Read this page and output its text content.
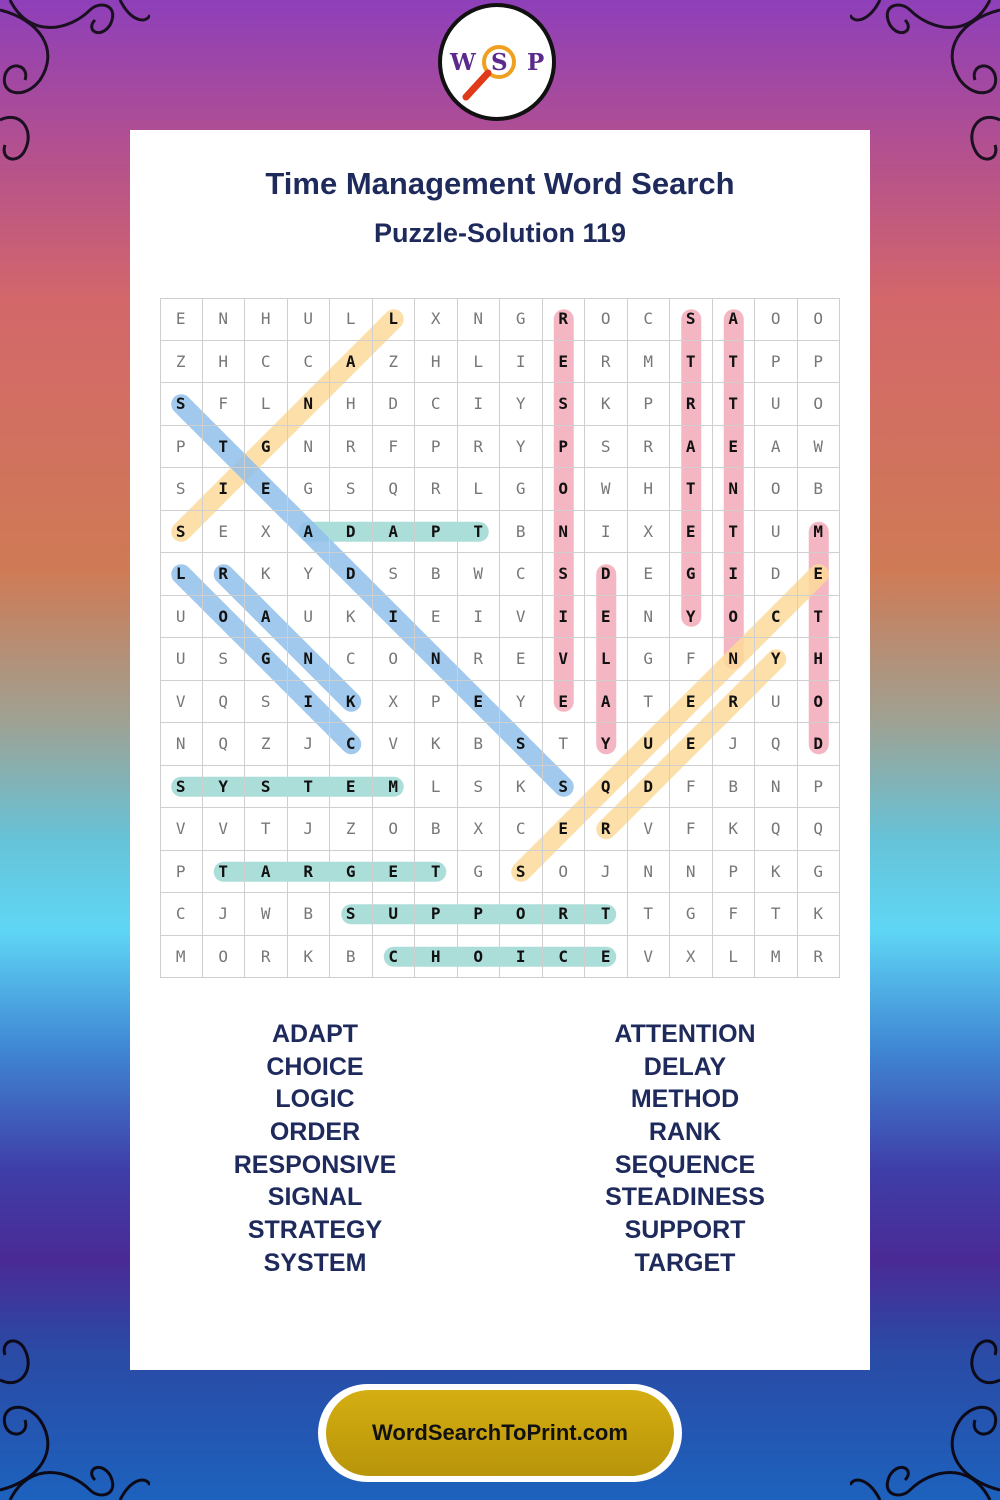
W S P
Time Management Word Search
Puzzle-Solution 119
E	N	H	U	L	L	X	N	G	R	O	C	S	A	O	O
Z	H	C	C	A	Z	H	L	I	E	R	M	T	T	P	P
S	F	L	N	H	D	C	I	Y	S	K	P	R	T	U	O
P	T	G	N	R	F	P	R	Y	P	S	R	A	E	A	W
S	I	E	G	S	Q	R	L	G	O	W	H	T	N	O	B
S	E	X	A	D	A	P	T	B	N	I	X	E	T	U	M
L	R	K	Y	D	S	B	W	C	S	D	E	G	I	D	E
U	O	A	U	K	I	E	I	V	I	E	N	Y	O	C	T
U	S	G	N	C	O	N	R	E	V	L	G	F	N	Y	H
V	Q	S	I	K	X	P	E	Y	E	A	T	E	R	U	O
N	Q	Z	J	C	V	K	B	S	T	Y	U	E	J	Q	D
S	Y	S	T	E	M	L	S	K	S	Q	D	F	B	N	P
V	V	T	J	Z	O	B	X	C	E	R	V	F	K	Q	Q
P	T	A	R	G	E	T	G	S	O	J	N	N	P	K	G
C	J	W	B	S	U	P	P	O	R	T	T	G	F	T	K
M	O	R	K	B	C	H	O	I	C	E	V	X	L	M	R
ADAPT
CHOICE
LOGIC
ORDER
RESPONSIVE
SIGNAL
STRATEGY
SYSTEM
ATTENTION
DELAY
METHOD
RANK
SEQUENCE
STEADINESS
SUPPORT
TARGET
WordSearchToPrint.com
